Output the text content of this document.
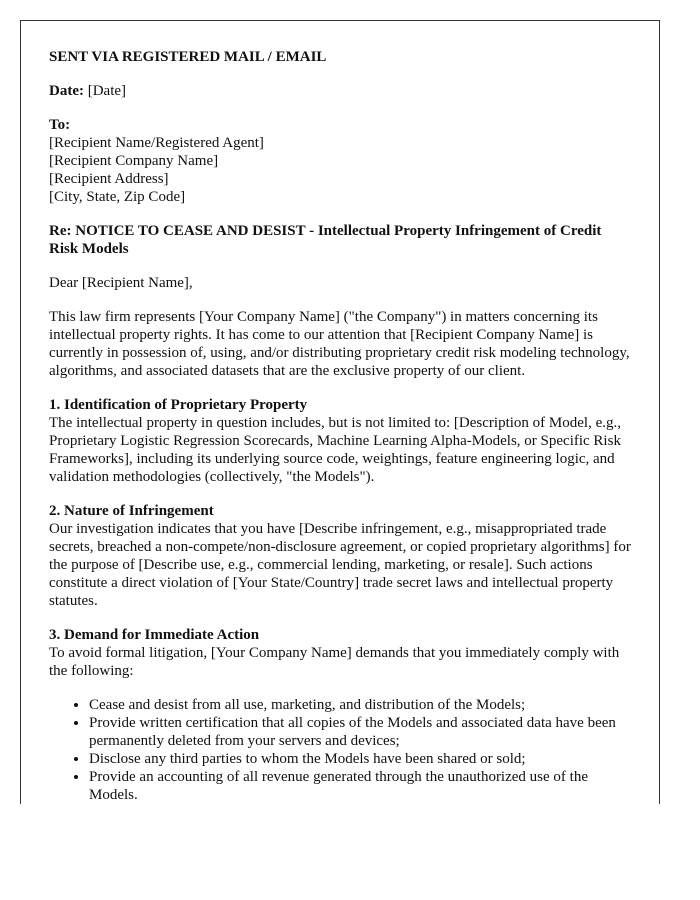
SENT VIA REGISTERED MAIL / EMAIL

Date: [Date]

To:
[Recipient Name/Registered Agent]
[Recipient Company Name]
[Recipient Address]
[City, State, Zip Code]

Re: NOTICE TO CEASE AND DESIST - Intellectual Property Infringement of Credit Risk Models

Dear [Recipient Name],

This law firm represents [Your Company Name] ("the Company") in matters concerning its intellectual property rights. It has come to our attention that [Recipient Company Name] is currently in possession of, using, and/or distributing proprietary credit risk modeling technology, algorithms, and associated datasets that are the exclusive property of our client.

1. Identification of Proprietary Property
The intellectual property in question includes, but is not limited to: [Description of Model, e.g., Proprietary Logistic Regression Scorecards, Machine Learning Alpha-Models, or Specific Risk Frameworks], including its underlying source code, weightings, feature engineering logic, and validation methodologies (collectively, "the Models").

2. Nature of Infringement
Our investigation indicates that you have [Describe infringement, e.g., misappropriated trade secrets, breached a non-compete/non-disclosure agreement, or copied proprietary algorithms] for the purpose of [Describe use, e.g., commercial lending, marketing, or resale]. Such actions constitute a direct violation of [Your State/Country] trade secret laws and intellectual property statutes.

3. Demand for Immediate Action
To avoid formal litigation, [Your Company Name] demands that you immediately comply with the following:

• Cease and desist from all use, marketing, and distribution of the Models;
• Provide written certification that all copies of the Models and associated data have been permanently deleted from your servers and devices;
• Disclose any third parties to whom the Models have been shared or sold;
• Provide an accounting of all revenue generated through the unauthorized use of the Models.
